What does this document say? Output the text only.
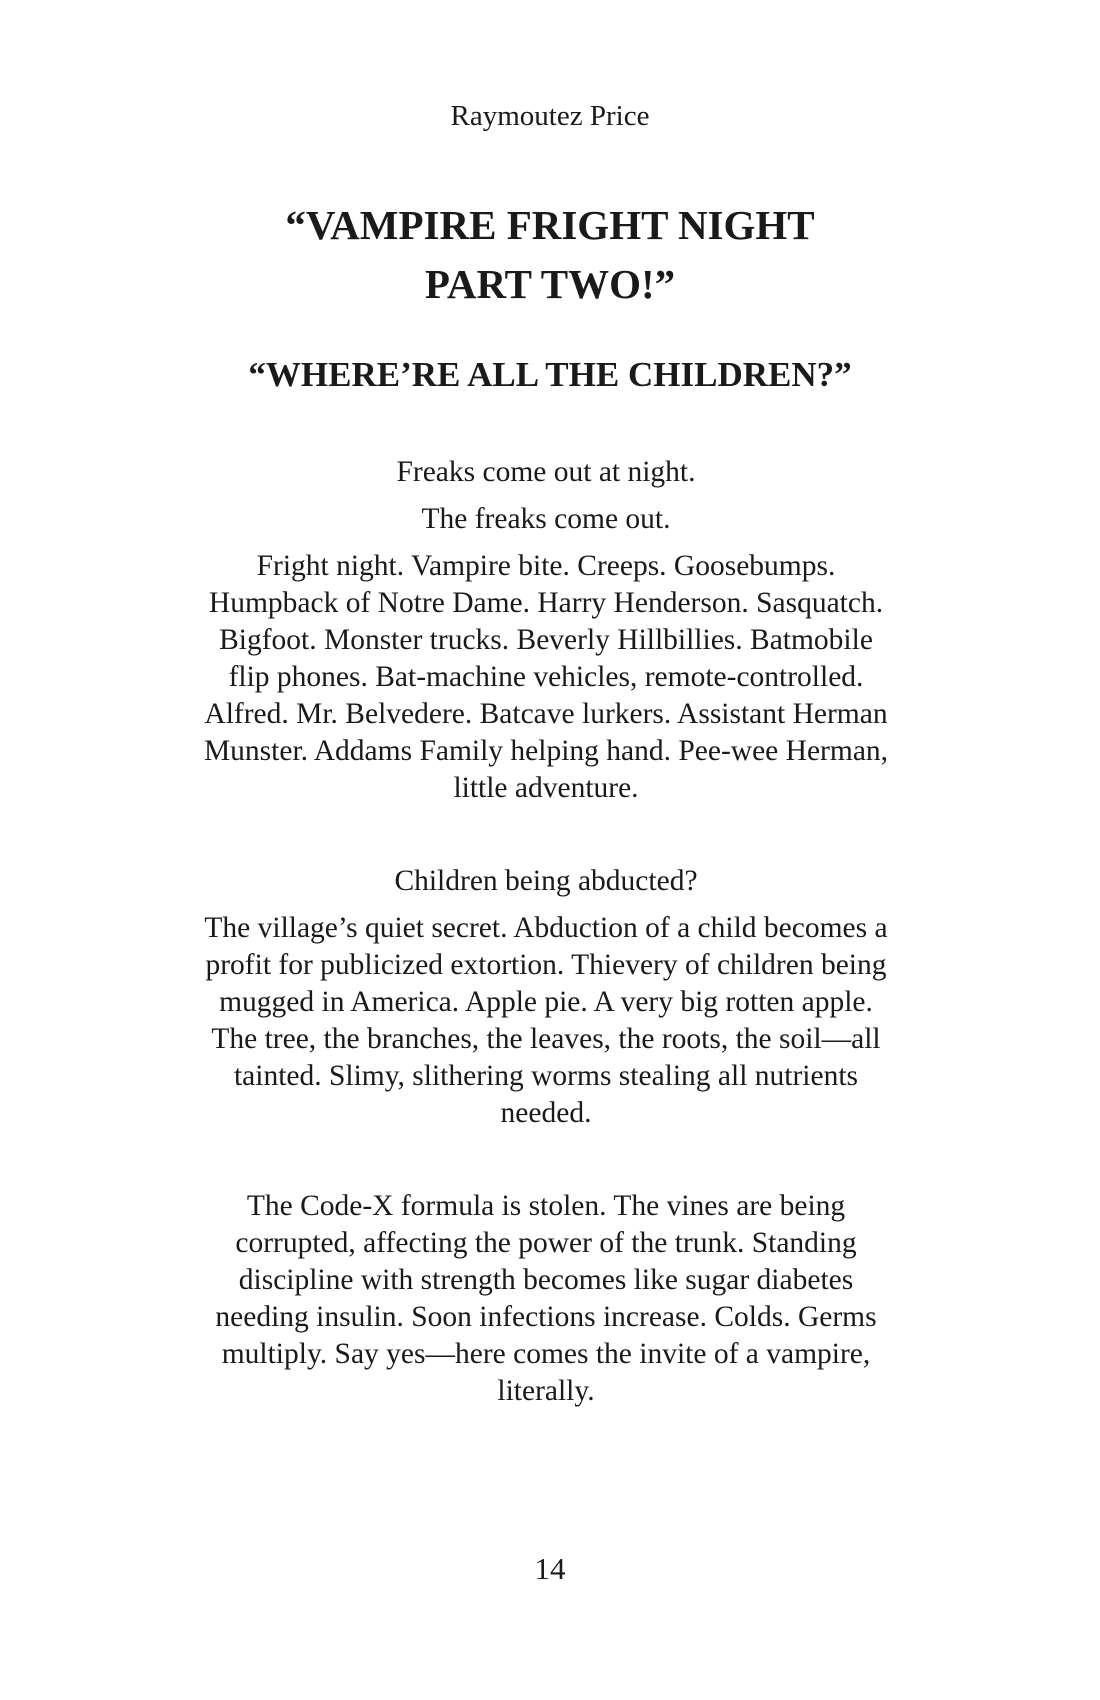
Raymoutez Price
“VAMPIRE FRIGHT NIGHT
PART TWO!”
“WHERE’RE ALL THE CHILDREN?”

Freaks come out at night.

The freaks come out.

Fright night. Vampire bite. Creeps. Goosebumps. Humpback of Notre Dame. Harry Henderson. Sasquatch. Bigfoot. Monster trucks. Beverly Hillbillies. Batmobile flip phones. Bat-machine vehicles, remote-controlled. Alfred. Mr. Belvedere. Batcave lurkers. Assistant Herman Munster. Addams Family helping hand. Pee-wee Herman, little adventure.

Children being abducted?

The village’s quiet secret. Abduction of a child becomes a profit for publicized extortion. Thievery of children being mugged in America. Apple pie. A very big rotten apple. The tree, the branches, the leaves, the roots, the soil—all tainted. Slimy, slithering worms stealing all nutrients needed.

The Code-X formula is stolen. The vines are being corrupted, affecting the power of the trunk. Standing discipline with strength becomes like sugar diabetes needing insulin. Soon infections increase. Colds. Germs multiply. Say yes—here comes the invite of a vampire, literally.

14
